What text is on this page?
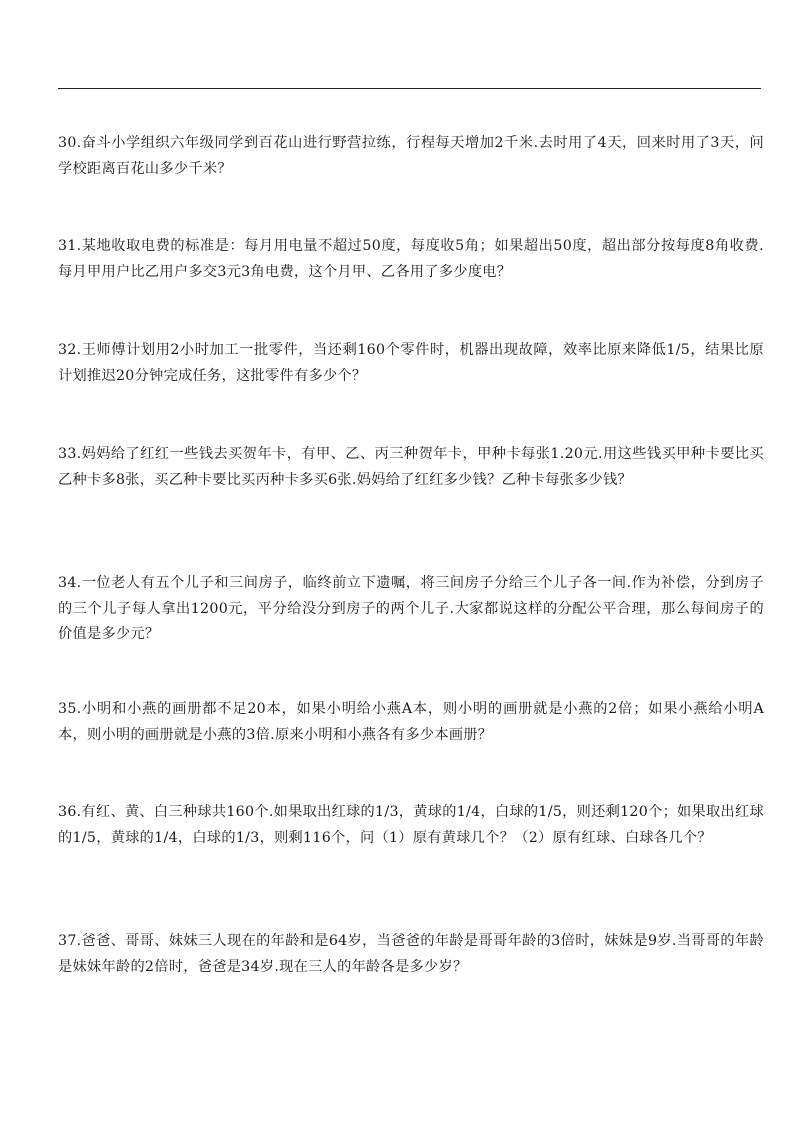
30.奋斗小学组织六年级同学到百花山进行野营拉练，行程每天增加2千米.去时用了4天，回来时用了3天，问学校距离百花山多少千米？

31.某地收取电费的标准是：每月用电量不超过50度，每度收5角；如果超出50度，超出部分按每度8角收费.每月甲用户比乙用户多交3元3角电费，这个月甲、乙各用了多少度电？

32.王师傅计划用2小时加工一批零件，当还剩160个零件时，机器出现故障，效率比原来降低1/5，结果比原计划推迟20分钟完成任务，这批零件有多少个？

33.妈妈给了红红一些钱去买贺年卡，有甲、乙、丙三种贺年卡，甲种卡每张1.20元.用这些钱买甲种卡要比买乙种卡多8张，买乙种卡要比买丙种卡多买6张.妈妈给了红红多少钱？乙种卡每张多少钱？

34.一位老人有五个儿子和三间房子，临终前立下遗嘱，将三间房子分给三个儿子各一间.作为补偿，分到房子的三个儿子每人拿出1200元，平分给没分到房子的两个儿子.大家都说这样的分配公平合理，那么每间房子的价值是多少元？

35.小明和小燕的画册都不足20本，如果小明给小燕A本，则小明的画册就是小燕的2倍；如果小燕给小明A本，则小明的画册就是小燕的3倍.原来小明和小燕各有多少本画册？

36.有红、黄、白三种球共160个.如果取出红球的1/3，黄球的1/4，白球的1/5，则还剩120个；如果取出红球的1/5，黄球的1/4，白球的1/3，则剩116个，问（1）原有黄球几个？（2）原有红球、白球各几个？

37.爸爸、哥哥、妹妹三人现在的年龄和是64岁，当爸爸的年龄是哥哥年龄的3倍时，妹妹是9岁.当哥哥的年龄是妹妹年龄的2倍时，爸爸是34岁.现在三人的年龄各是多少岁？
